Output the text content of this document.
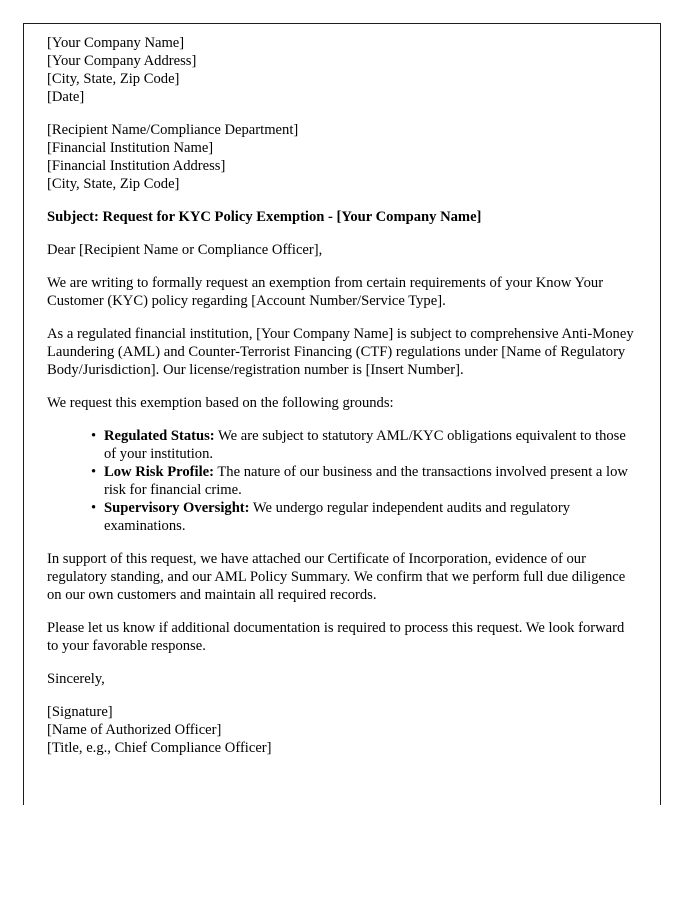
[Your Company Name]
[Your Company Address]
[City, State, Zip Code]
[Date]
[Recipient Name/Compliance Department]
[Financial Institution Name]
[Financial Institution Address]
[City, State, Zip Code]

Subject: Request for KYC Policy Exemption - [Your Company Name]

Dear [Recipient Name or Compliance Officer],

We are writing to formally request an exemption from certain requirements of your Know Your Customer (KYC) policy regarding [Account Number/Service Type].

As a regulated financial institution, [Your Company Name] is subject to comprehensive Anti-Money Laundering (AML) and Counter-Terrorist Financing (CTF) regulations under [Name of Regulatory Body/Jurisdiction]. Our license/registration number is [Insert Number].

We request this exemption based on the following grounds:

• Regulated Status: We are subject to statutory AML/KYC obligations equivalent to those of your institution.
• Low Risk Profile: The nature of our business and the transactions involved present a low risk for financial crime.
• Supervisory Oversight: We undergo regular independent audits and regulatory examinations.

In support of this request, we have attached our Certificate of Incorporation, evidence of our regulatory standing, and our AML Policy Summary. We confirm that we perform full due diligence on our own customers and maintain all required records.

Please let us know if additional documentation is required to process this request. We look forward to your favorable response.

Sincerely,

[Signature]
[Name of Authorized Officer]
[Title, e.g., Chief Compliance Officer]
